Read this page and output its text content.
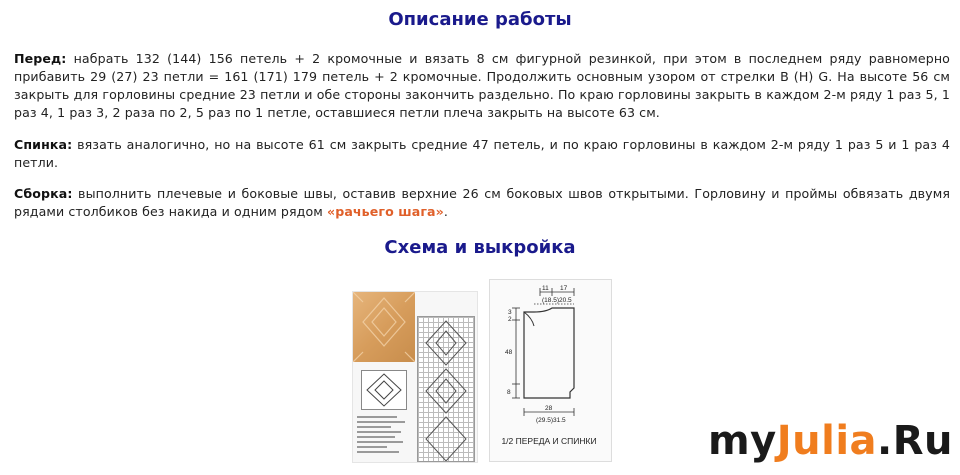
Описание работы

Перед: набрать 132 (144) 156 петель + 2 кромочные и вязать 8 см фигурной резинкой, при этом в последнем ряду равномерно прибавить 29 (27) 23 петли = 161 (171) 179 петель + 2 кромочные. Продолжить основным узором от стрелки В (Н) G. На высоте 56 см закрыть для горловины средние 23 петли и обе стороны закончить раздельно. По краю горловины закрыть в каждом 2-м ряду 1 раз 5, 1 раз 4, 1 раз 3, 2 раза по 2, 5 раз по 1 петле, оставшиеся петли плеча закрыть на высоте 63 см.

Спинка: вязать аналогично, но на высоте 61 см закрыть средние 47 петель, и по краю горловины в каждом 2-м ряду 1 раз 5 и 1 раз 4 петли.

Сборка: выполнить плечевые и боковые швы, оставив верхние 26 см боковых швов открытыми. Горловину и проймы обвязать двумя рядами столбиков без накида и одним рядом «рачьего шага».

Схема и выкройка
11 17
(18.5)20.5
3
2
48
8
28
(29.5)31.5
1/2 ПЕРЕДА И СПИНКИ	myJulia.Ru
